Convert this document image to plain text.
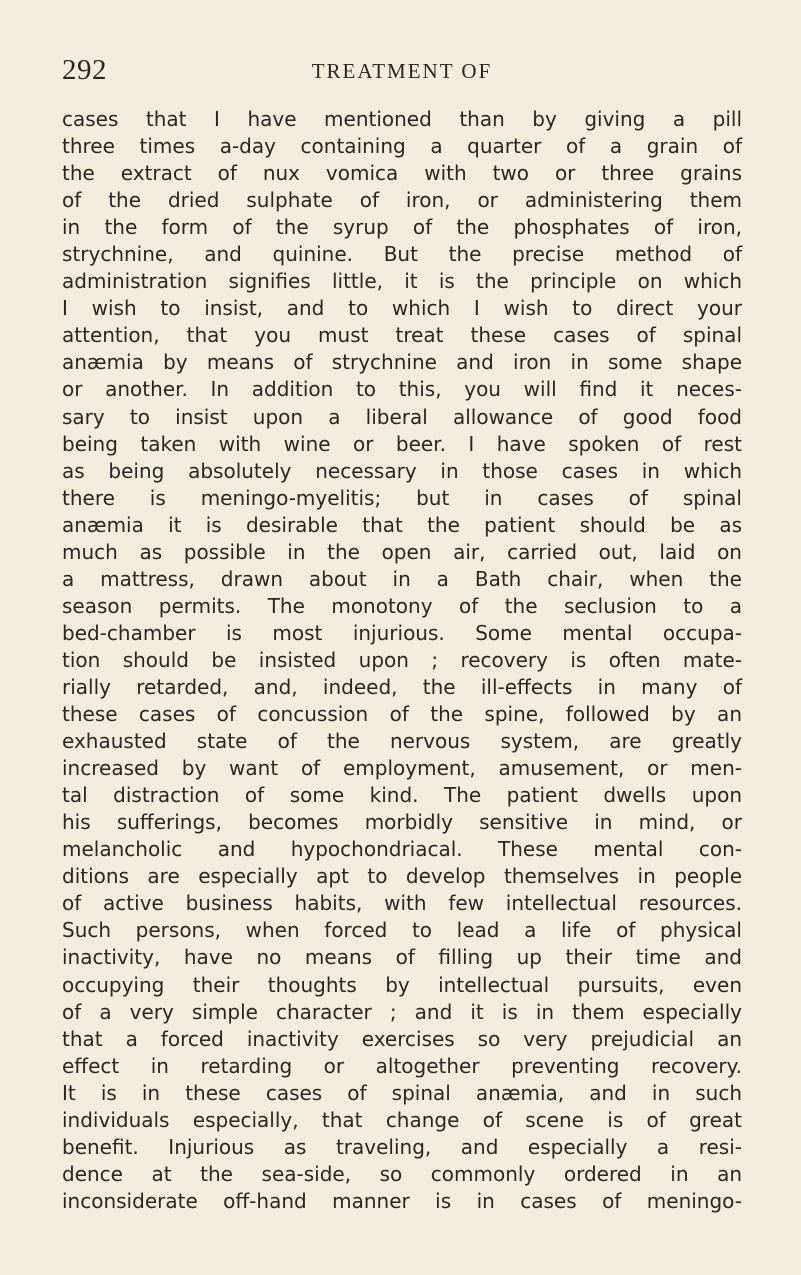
292	TREATMENT OF
cases that I have mentioned than by giving a pill
three times a-day containing a quarter of a grain of
the extract of nux vomica with two or three grains
of the dried sulphate of iron, or administering them
in the form of the syrup of the phosphates of iron,
strychnine, and quinine. But the precise method of
administration signifies little, it is the principle on which
I wish to insist, and to which I wish to direct your
attention, that you must treat these cases of spinal
anæmia by means of strychnine and iron in some shape
or another. In addition to this, you will find it neces-
sary to insist upon a liberal allowance of good food
being taken with wine or beer. I have spoken of rest
as being absolutely necessary in those cases in which
there is meningo-myelitis; but in cases of spinal
anæmia it is desirable that the patient should be as
much as possible in the open air, carried out, laid on
a mattress, drawn about in a Bath chair, when the
season permits. The monotony of the seclusion to a
bed-chamber is most injurious. Some mental occupa-
tion should be insisted upon ; recovery is often mate-
rially retarded, and, indeed, the ill-effects in many of
these cases of concussion of the spine, followed by an
exhausted state of the nervous system, are greatly
increased by want of employment, amusement, or men-
tal distraction of some kind. The patient dwells upon
his sufferings, becomes morbidly sensitive in mind, or
melancholic and hypochondriacal. These mental con-
ditions are especially apt to develop themselves in people
of active business habits, with few intellectual resources.
Such persons, when forced to lead a life of physical
inactivity, have no means of filling up their time and
occupying their thoughts by intellectual pursuits, even
of a very simple character ; and it is in them especially
that a forced inactivity exercises so very prejudicial an
effect in retarding or altogether preventing recovery.
It is in these cases of spinal anæmia, and in such
individuals especially, that change of scene is of great
benefit. Injurious as traveling, and especially a resi-
dence at the sea-side, so commonly ordered in an
inconsiderate off-hand manner is in cases of meningo-
